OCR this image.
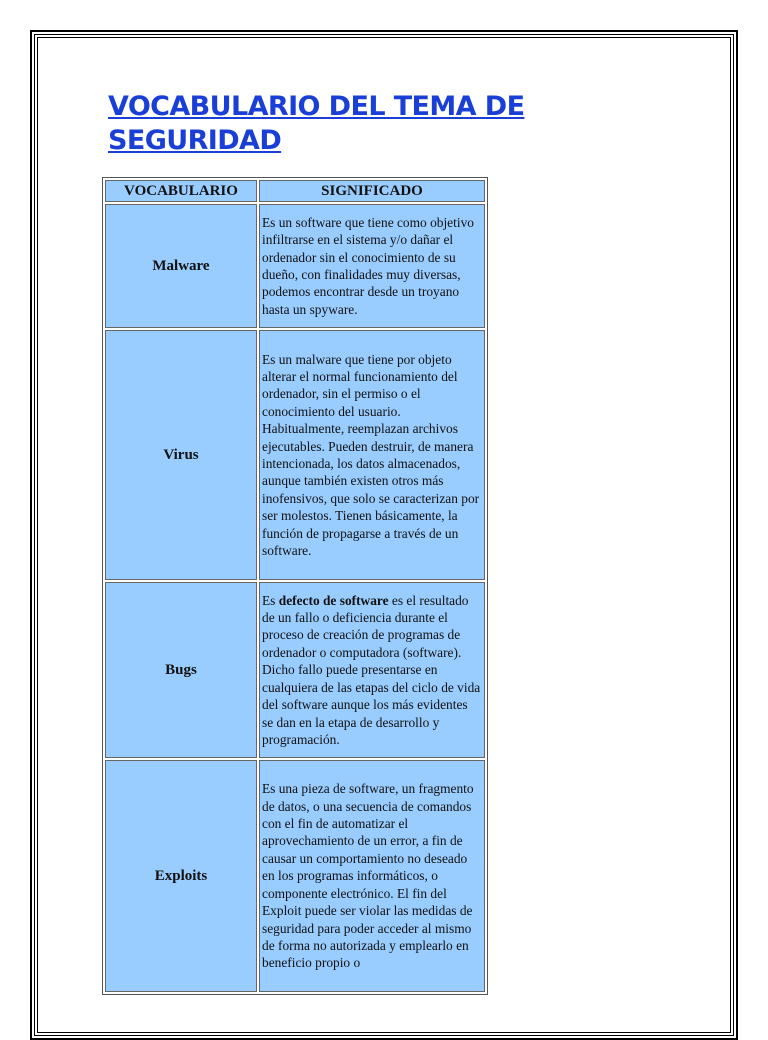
VOCABULARIO DEL TEMA DE SEGURIDAD
VOCABULARIO	SIGNIFICADO
Malware	Es un software que tiene como objetivo infiltrarse en el sistema y/o dañar el ordenador sin el conocimiento de su dueño, con finalidades muy diversas, podemos encontrar desde un troyano hasta un spyware.
Virus	Es un malware que tiene por objeto alterar el normal funcionamiento del ordenador, sin el permiso o el conocimiento del usuario. Habitualmente, reemplazan archivos ejecutables. Pueden destruir, de manera intencionada, los datos almacenados, aunque también existen otros más inofensivos, que solo se caracterizan por ser molestos. Tienen básicamente, la función de propagarse a través de un software.
Bugs	Es defecto de software es el resultado de un fallo o deficiencia durante el proceso de creación de programas de ordenador o computadora (software). Dicho fallo puede presentarse en cualquiera de las etapas del ciclo de vida del software aunque los más evidentes se dan en la etapa de desarrollo y programación.
Exploits	Es una pieza de software, un fragmento de datos, o una secuencia de comandos con el fin de automatizar el aprovechamiento de un error, a fin de causar un comportamiento no deseado en los programas informáticos, o componente electrónico. El fin del Exploit puede ser violar las medidas de seguridad para poder acceder al mismo de forma no autorizada y emplearlo en beneficio propio o
